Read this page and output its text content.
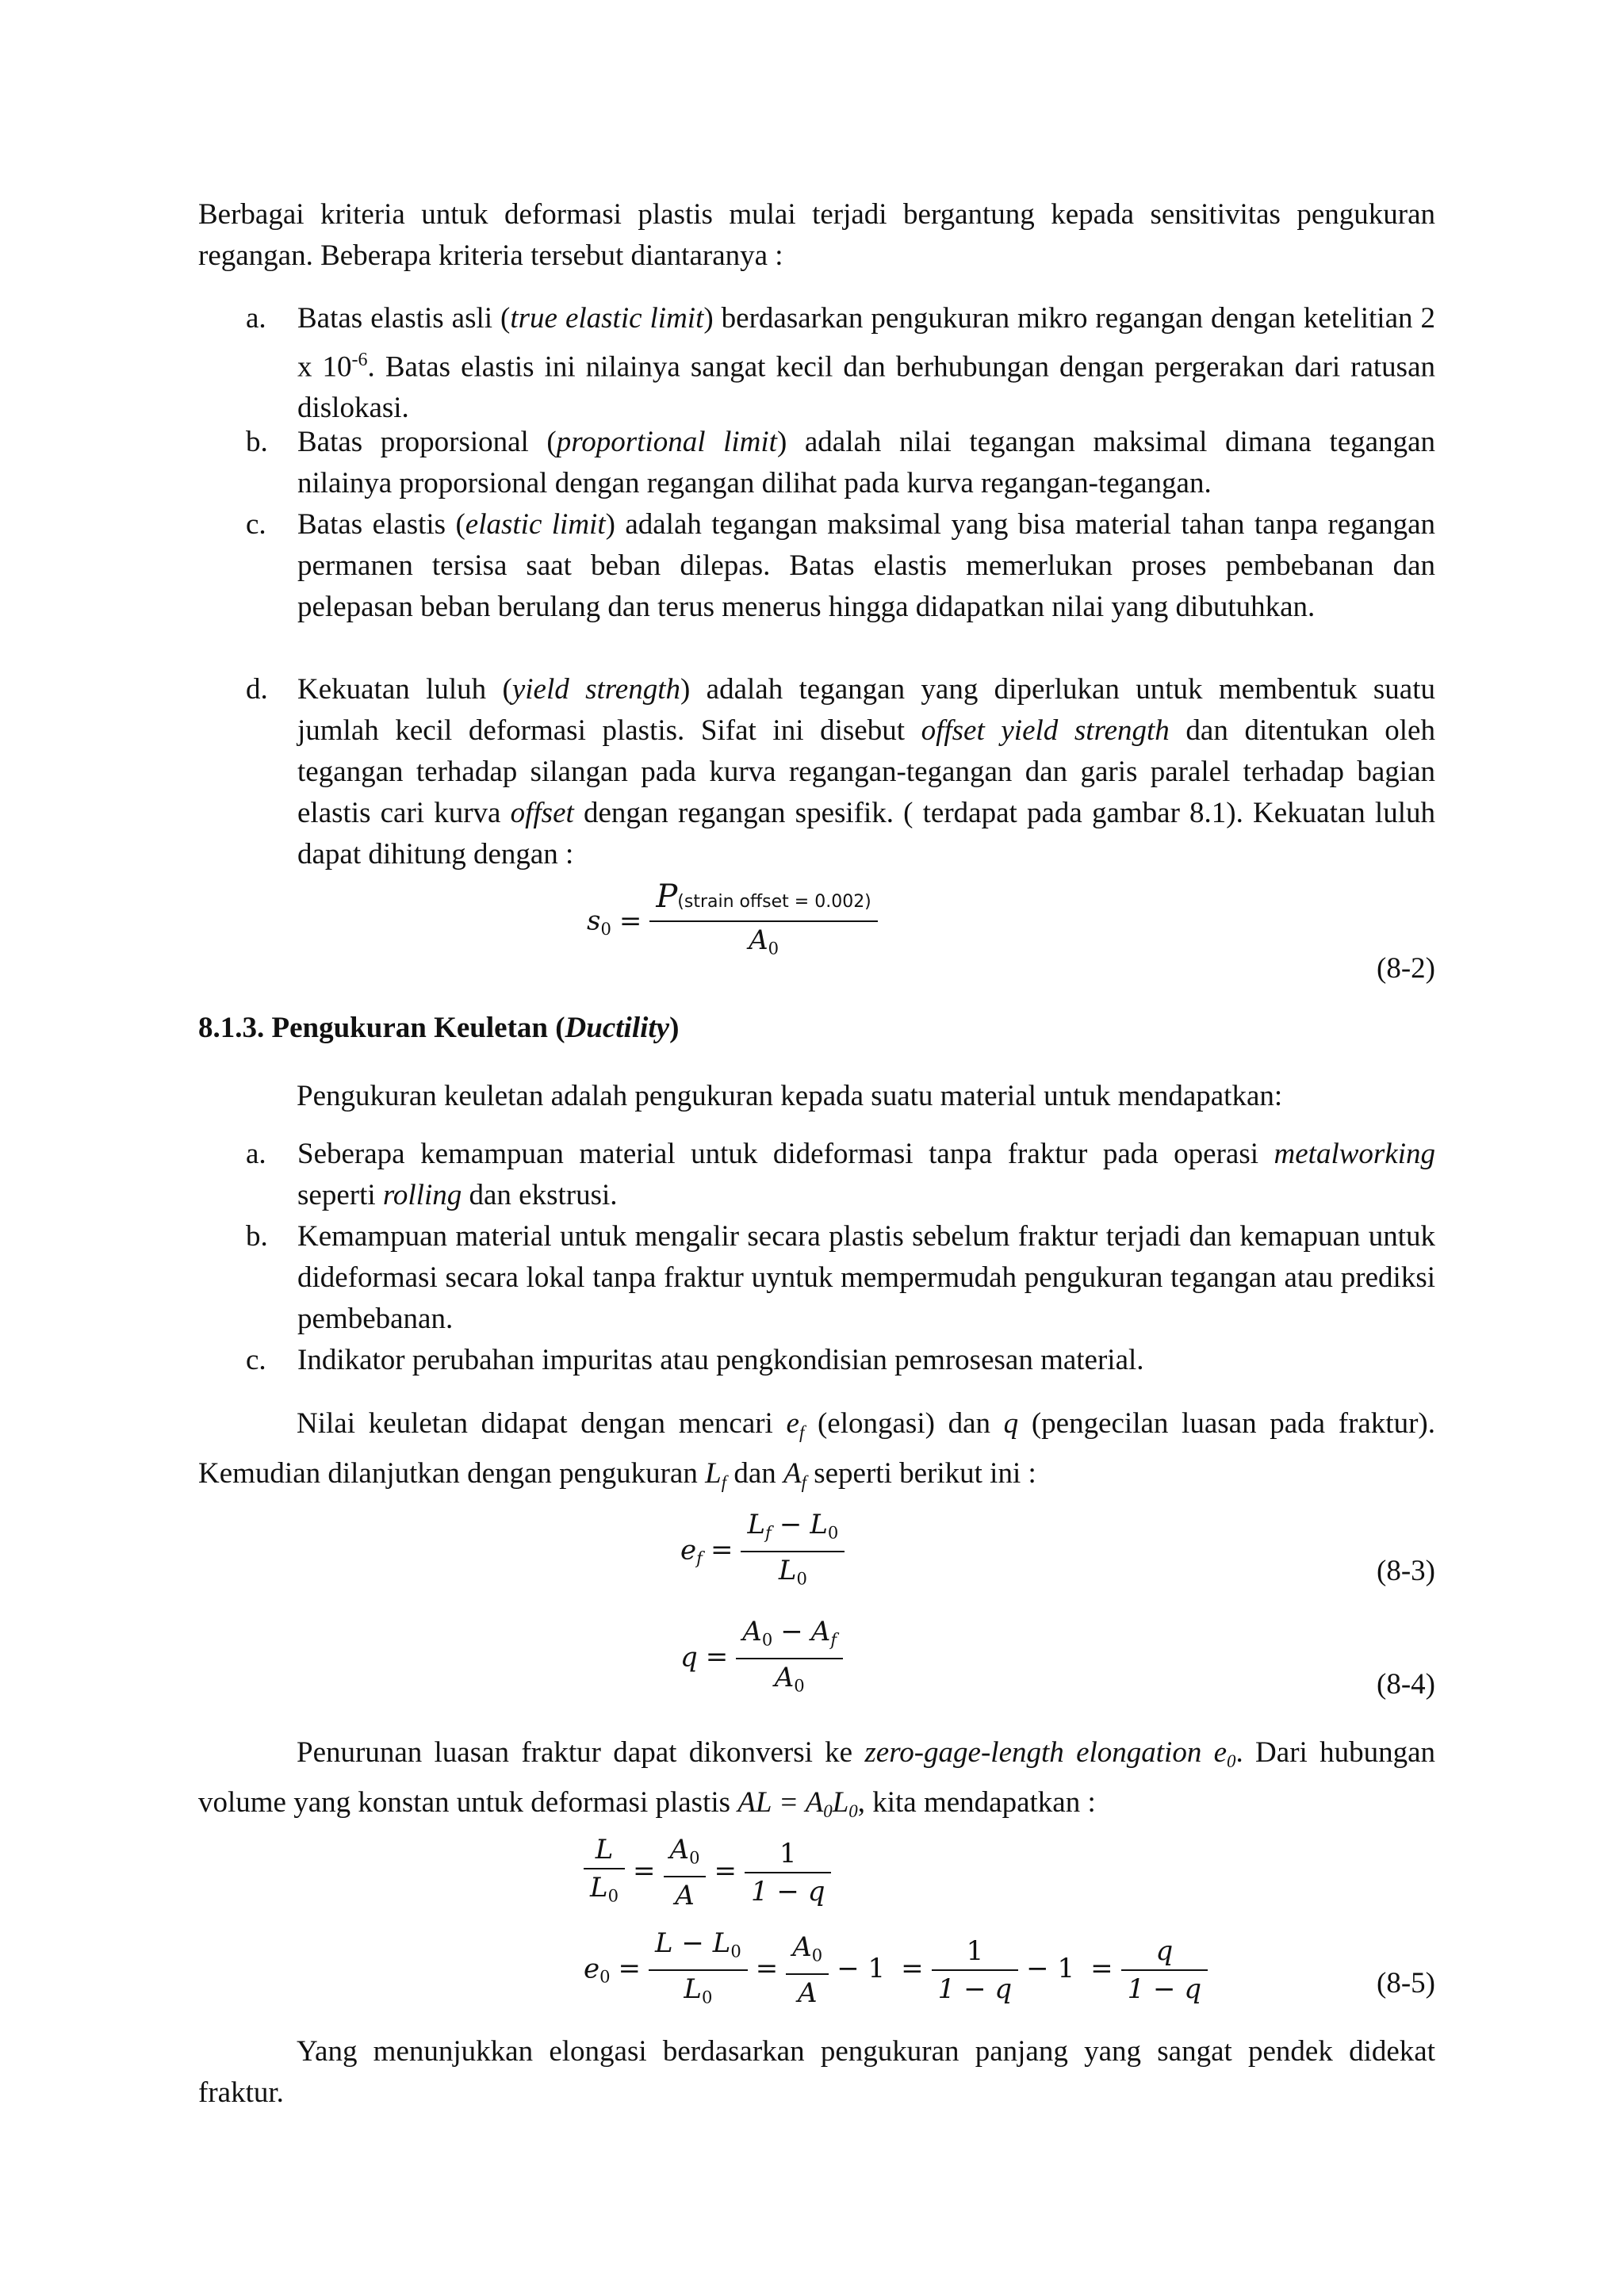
Berbagai kriteria untuk deformasi plastis mulai terjadi bergantung kepada sensitivitas pengukuran regangan. Beberapa kriteria tersebut diantaranya :
a.	Batas elastis asli (true elastic limit) berdasarkan pengukuran mikro regangan dengan ketelitian 2 x $10^{-6}$. Batas elastis ini nilainya sangat kecil dan berhubungan dengan pergerakan dari ratusan dislokasi.
b.	Batas proporsional (proportional limit) adalah nilai tegangan maksimal dimana tegangan nilainya proporsional dengan regangan dilihat pada kurva regangan-tegangan.
c.	Batas elastis (elastic limit) adalah tegangan maksimal yang bisa material tahan tanpa regangan permanen tersisa saat beban dilepas. Batas elastis memerlukan proses pembebanan dan pelepasan beban berulang dan terus menerus hingga didapatkan nilai yang dibutuhkan.
d.	Kekuatan luluh (yield strength) adalah tegangan yang diperlukan untuk membentuk suatu jumlah kecil deformasi plastis. Sifat ini disebut offset yield strength dan ditentukan oleh tegangan terhadap silangan pada kurva regangan-tegangan dan garis paralel terhadap bagian elastis cari kurva offset dengan regangan spesifik. ( terdapat pada gambar 8.1). Kekuatan luluh dapat dihitung dengan :
$s_0 = \frac{\text{P(strain offset = 0.002)}}{A_0}$
(8-2)
8.1.3. Pengukuran Keuletan (Ductility)
Pengukuran keuletan adalah pengukuran kepada suatu material untuk mendapatkan:
a.	Seberapa kemampuan material untuk dideformasi tanpa fraktur pada operasi metalworking seperti rolling dan ekstrusi.
b.	Kemampuan material untuk mengalir secara plastis sebelum fraktur terjadi dan kemapuan untuk dideformasi secara lokal tanpa fraktur uyntuk mempermudah pengukuran tegangan atau prediksi pembebanan.
c.	Indikator perubahan impuritas atau pengkondisian pemrosesan material.
Nilai keuletan didapat dengan mencari $e_f$ (elongasi) dan q (pengecilan luasan pada fraktur). Kemudian dilanjutkan dengan pengukuran $L_f$ dan $A_f$ seperti berikut ini :
$e_f = \frac{L_f - L_0}{L_0}$	(8-3)
$q = \frac{A_0 - A_f}{A_0}$	(8-4)
Penurunan luasan fraktur dapat dikonversi ke zero-gage-length elongation $e_0$. Dari hubungan volume yang konstan untuk deformasi plastis AL = $A_0L_0$, kita mendapatkan :
$\frac{L}{L_0} = \frac{A_0}{A} = \frac{1}{1 - q}$
$e_0 = \frac{L - L_0}{L_0} = \frac{A_0}{A} - 1 = \frac{1}{1 - q} - 1 = \frac{q}{1 - q}$	(8-5)
Yang menunjukkan elongasi berdasarkan pengukuran panjang yang sangat pendek didekat fraktur.
